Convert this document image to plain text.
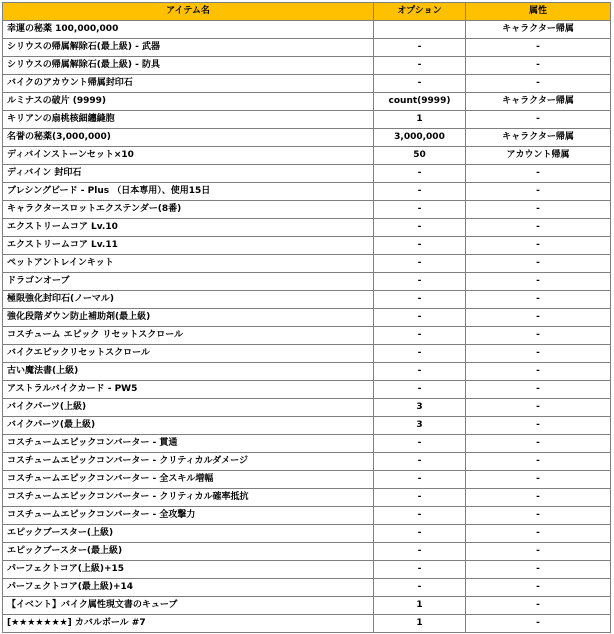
アイテム名	オプション	属性
幸運の秘薬 100,000,000		キャラクター帰属
シリウスの帰属解除石(最上級) - 武器	-	-
シリウスの帰属解除石(最上級) - 防具	-	-
バイクのアカウント帰属封印石	-	-
ルミナスの破片 (9999)	count(9999)	キャラクター帰属
キリアンの扇桃核細纏縫胞	1	-
名誉の秘薬(3,000,000)	3,000,000	キャラクター帰属
ディバインストーンセット×10	50	アカウント帰属
ディバイン 封印石	-	-
ブレシングビード - Plus （日本専用）、使用15日	-	-
キャラクタースロットエクステンダー(8番)	-	-
エクストリームコア Lv.10	-	-
エクストリームコア Lv.11	-	-
ペットアントレインキット	-	-
ドラゴンオーブ	-	-
極限強化封印石(ノーマル)	-	-
強化段階ダウン防止補助剤(最上級)	-	-
コスチューム エピック リセットスクロール	-	-
バイクエピックリセットスクロール	-	-
古い魔法書(上級)	-	-
アストラルバイクカード - PW5	-	-
バイクパーツ(上級)	3	-
バイクパーツ(最上級)	3	-
コスチュームエピックコンバーター - 貫通	-	-
コスチュームエピックコンバーター - クリティカルダメージ	-	-
コスチュームエピックコンバーター - 全スキル増幅	-	-
コスチュームエピックコンバーター - クリティカル確率抵抗	-	-
コスチュームエピックコンバーター - 全攻撃力	-	-
エピックブースター(上級)	-	-
エピックブースター(最上級)	-	-
パーフェクトコア(上級)+15	-	-
パーフェクトコア(最上級)+14	-	-
【イベント】バイク属性現文書のキューブ	1	-
[★★★★★★★] カバルボール #7	1	-
